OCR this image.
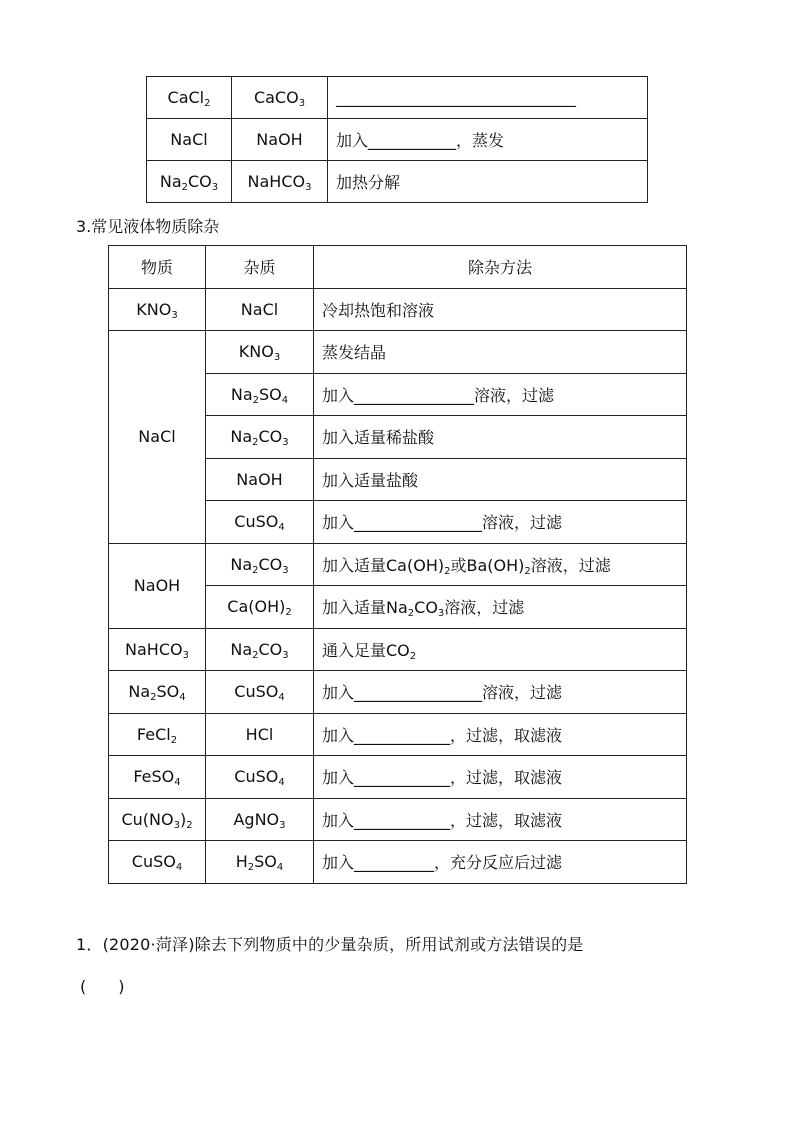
CaCl$_2$	CaCO$_3$	______________________________
NaCl	NaOH	加入___________，蒸发
$Na_2CO_3$	NaHCO$_3$	加热分解
3.常见液体物质除杂
物质	杂质	除杂方法
$KNO_3$	NaCl	冷却热饱和溶液
NaCl	$KNO_3$	蒸发结晶
	$Na_2SO_4$	加入_______________溶液，过滤
	$Na_2CO_3$	加入适量稀盐酸
	NaOH	加入适量盐酸
	CuSO$_4$	加入________________溶液，过滤
NaOH	$Na_2CO_3$	加入适量$Ca(OH)_2$或$Ba(OH)_2$溶液，过滤
	$Ca(OH)_2$	加入适量$Na_2CO_3$溶液，过滤
NaHCO$_3$	$Na_2CO_3$	通入足量$CO_2$
$Na_2SO_4$	CuSO$_4$	加入________________溶液，过滤
FeCl$_2$	HCl	加入____________，过滤，取滤液
FeSO$_4$	CuSO$_4$	加入____________，过滤，取滤液
$Cu(NO_3)_2$	AgNO$_3$	加入____________，过滤，取滤液
CuSO$_4$	$H_2SO_4$	加入__________，充分反应后过滤
1．(2020·菏泽)除去下列物质中的少量杂质，所用试剂或方法错误的是
(　　)
